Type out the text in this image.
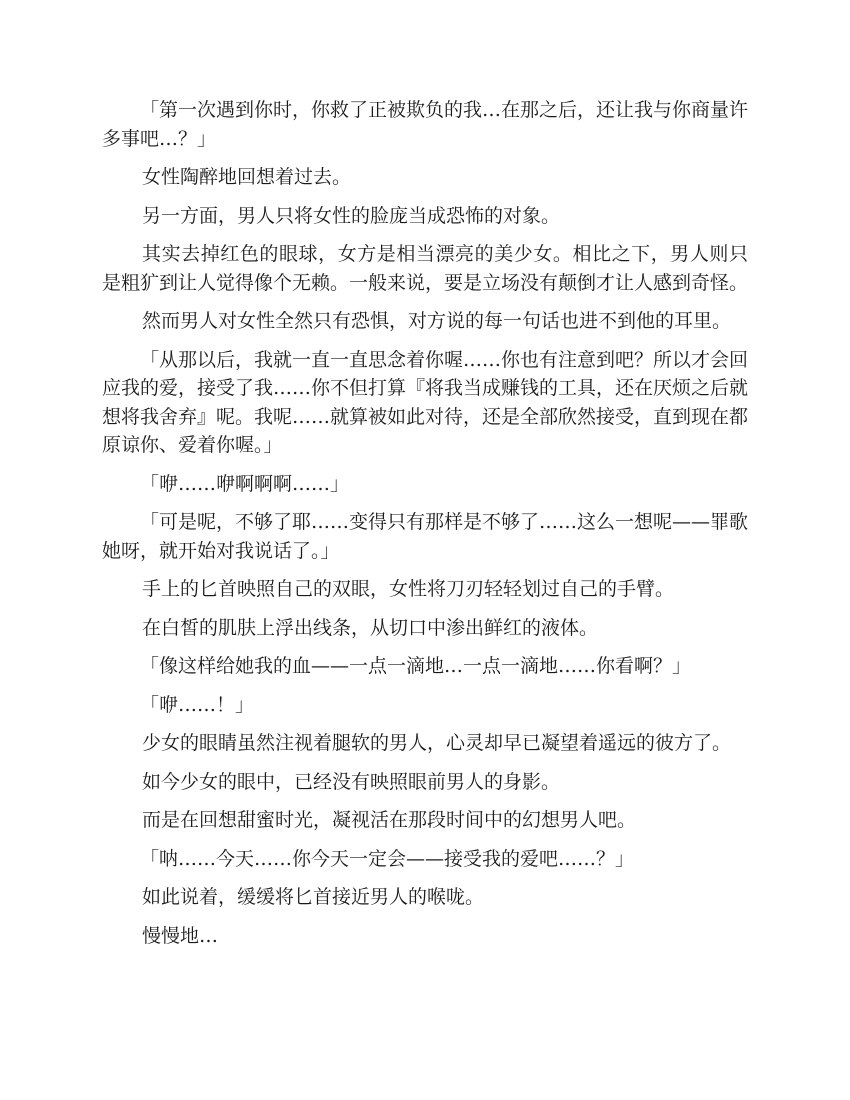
「第一次遇到你时，你救了正被欺负的我…在那之后，还让我与你商量许多事吧…？」

女性陶醉地回想着过去。

另一方面，男人只将女性的脸庞当成恐怖的对象。

其实去掉红色的眼球，女方是相当漂亮的美少女。相比之下，男人则只是粗犷到让人觉得像个无赖。一般来说，要是立场没有颠倒才让人感到奇怪。

然而男人对女性全然只有恐惧，对方说的每一句话也进不到他的耳里。

「从那以后，我就一直一直思念着你喔……你也有注意到吧？所以才会回应我的爱，接受了我……你不但打算『将我当成赚钱的工具，还在厌烦之后就想将我舍弃』呢。我呢……就算被如此对待，还是全部欣然接受，直到现在都原谅你、爱着你喔。」

「咿……咿啊啊啊……」

「可是呢，不够了耶……变得只有那样是不够了……这么一想呢——罪歌她呀，就开始对我说话了。」

手上的匕首映照自己的双眼，女性将刀刃轻轻划过自己的手臂。

在白皙的肌肤上浮出线条，从切口中渗出鲜红的液体。

「像这样给她我的血——一点一滴地…一点一滴地……你看啊？」

「咿……！」

少女的眼睛虽然注视着腿软的男人，心灵却早已凝望着遥远的彼方了。

如今少女的眼中，已经没有映照眼前男人的身影。

而是在回想甜蜜时光，凝视活在那段时间中的幻想男人吧。

「呐……今天……你今天一定会——接受我的爱吧……？」

如此说着，缓缓将匕首接近男人的喉咙。

慢慢地…
